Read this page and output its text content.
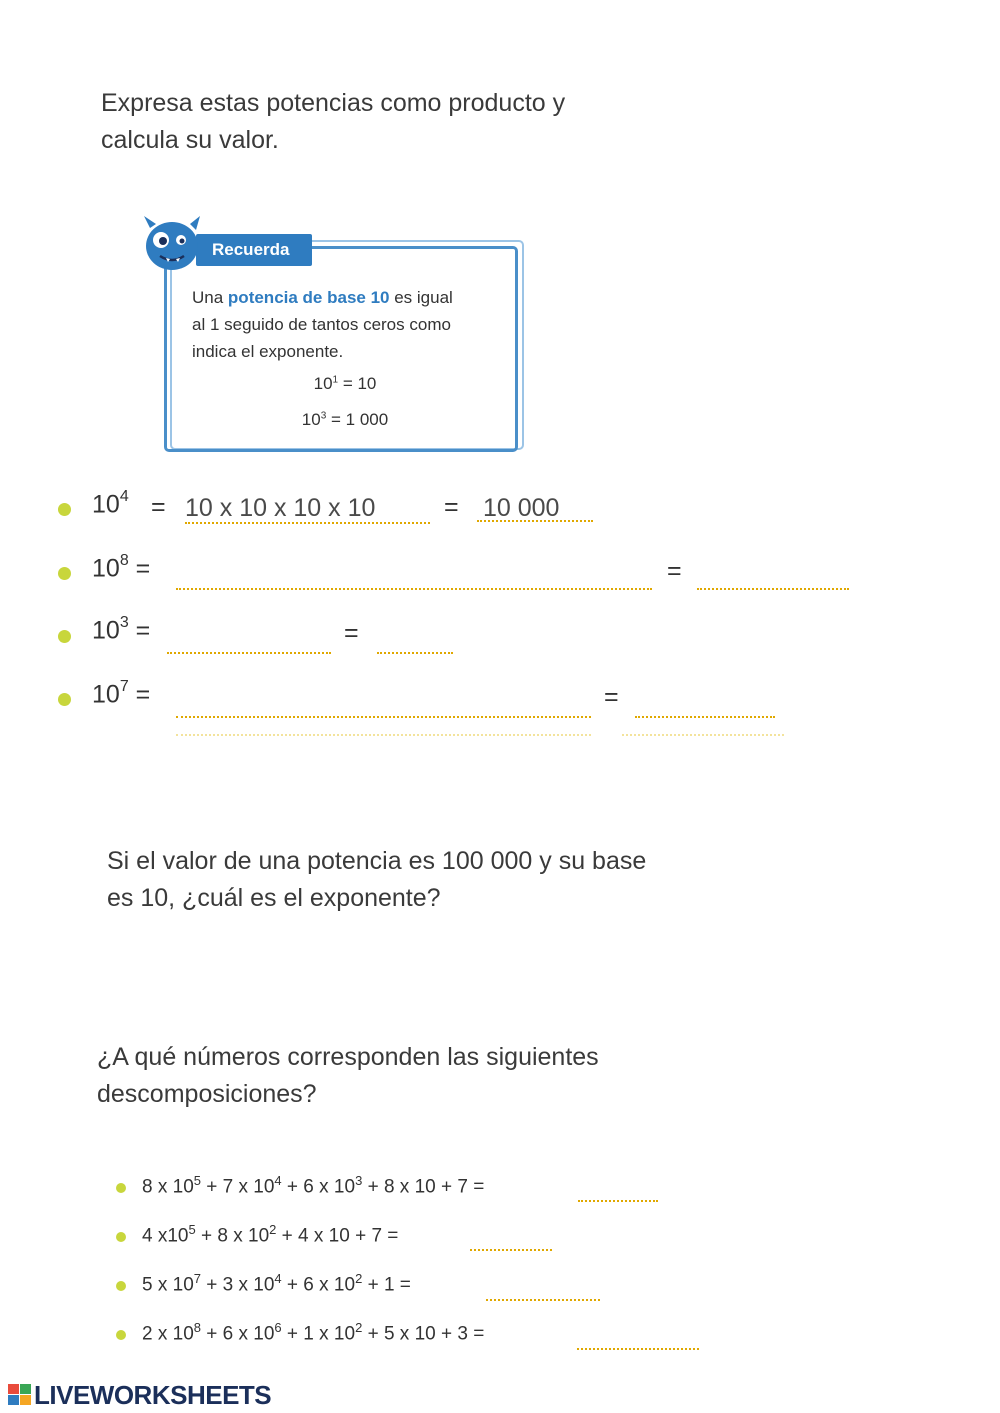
Expresa estas potencias como producto y
calcula su valor.
Recuerda
Una potencia de base 10 es igual
al 1 seguido de tantos ceros como
indica el exponente.
$10^1 = 10$
$10^3 = 1$ 000
$10^4 = 10$ x 10 x 10 x 10	= 10 000
$10^8$ =	=
$10^3$ =	=
$10^7$ =	=
Si el valor de una potencia es 100 000 y su base
es 10, ¿cuál es el exponente?
¿A qué números corresponden las siguientes
descomposiciones?
8 x $10^5 + 7$ x $10^4 + 6$ x $10^3 + 8$ x 10 + 7 =
4 $x10^5 + 8$ x $10^2 + 4$ x 10 + 7 =
5 x $10^7 + 3$ x $10^4 + 6$ x $10^2 + 1$ =
2 x $10^8 + 6$ x $10^6 + 1$ x $10^2 + 5$ x 10 + 3 =
LIVEWORKSHEETS
